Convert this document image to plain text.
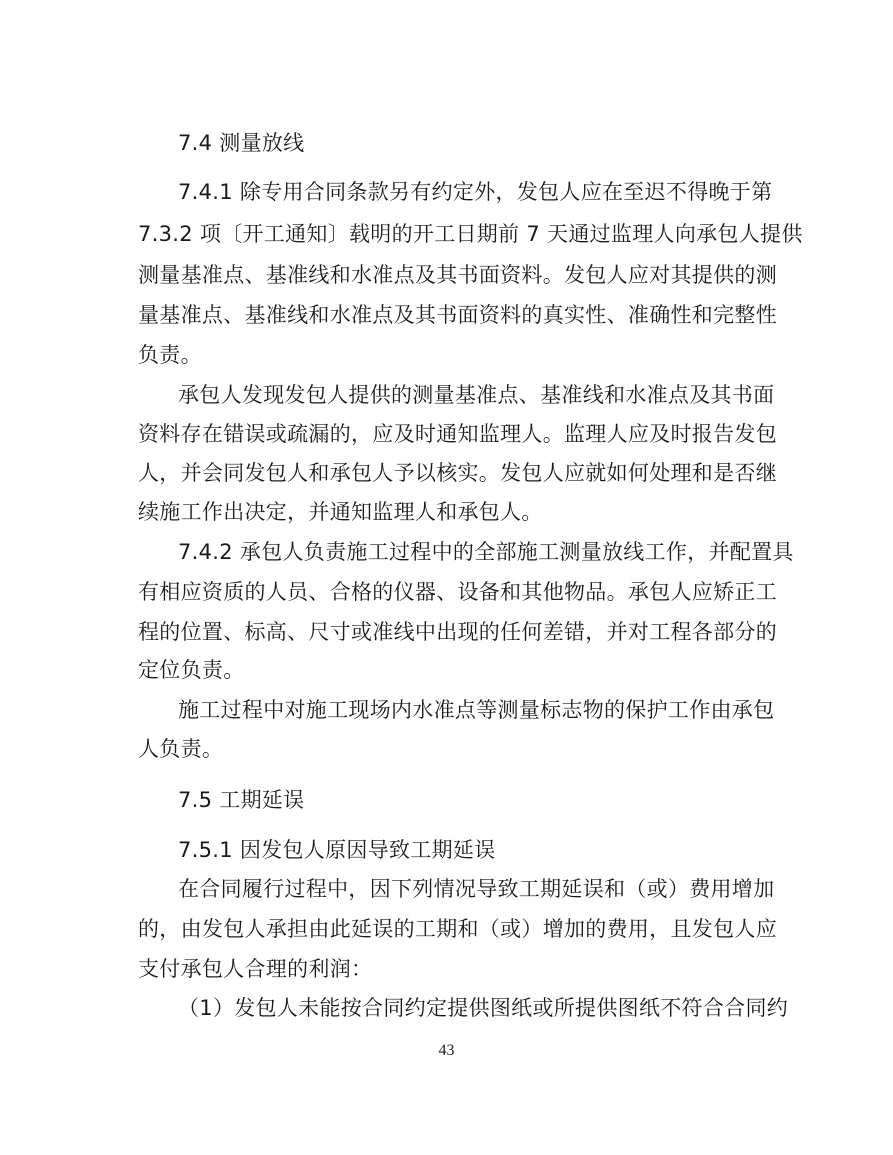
7.4 测量放线
7.4.1 除专用合同条款另有约定外，发包人应在至迟不得晚于第
7.3.2 项〔开工通知〕载明的开工日期前 7 天通过监理人向承包人提供
测量基准点、基准线和水准点及其书面资料。发包人应对其提供的测
量基准点、基准线和水准点及其书面资料的真实性、准确性和完整性
负责。
承包人发现发包人提供的测量基准点、基准线和水准点及其书面
资料存在错误或疏漏的，应及时通知监理人。监理人应及时报告发包
人，并会同发包人和承包人予以核实。发包人应就如何处理和是否继
续施工作出决定，并通知监理人和承包人。
7.4.2 承包人负责施工过程中的全部施工测量放线工作，并配置具
有相应资质的人员、合格的仪器、设备和其他物品。承包人应矫正工
程的位置、标高、尺寸或准线中出现的任何差错，并对工程各部分的
定位负责。
施工过程中对施工现场内水准点等测量标志物的保护工作由承包
人负责。
7.5 工期延误
7.5.1 因发包人原因导致工期延误
在合同履行过程中，因下列情况导致工期延误和（或）费用增加
的，由发包人承担由此延误的工期和（或）增加的费用，且发包人应
支付承包人合理的利润：
（1）发包人未能按合同约定提供图纸或所提供图纸不符合合同约
43
